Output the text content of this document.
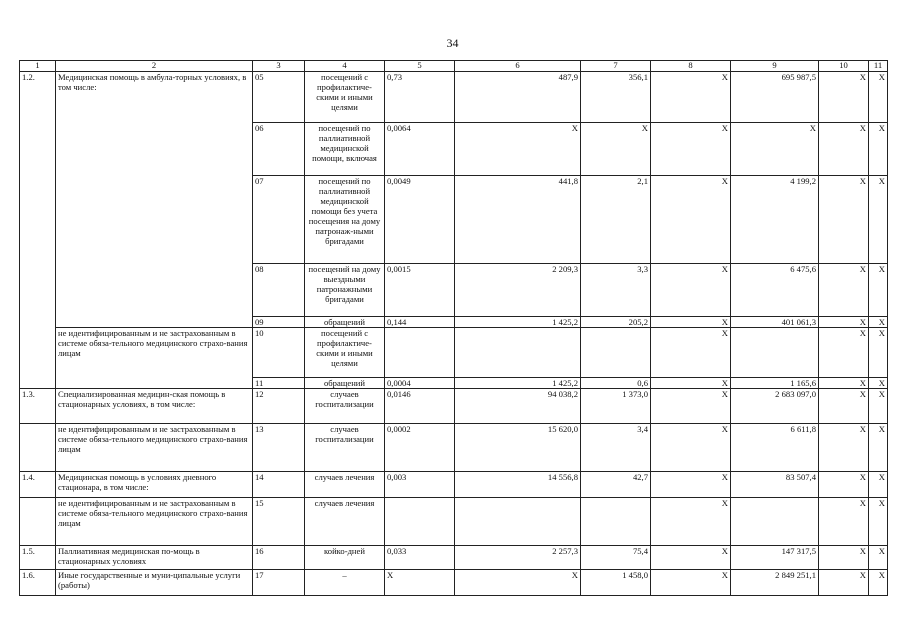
34
1	2	3	4	5	6	7	8	9	10	11
1.2.	Медицинская помощь в амбула-торных условиях, в том числе:	05	посещений с профилактиче-скими и иными целями	0,73	487,9	356,1	X	695 987,5	X	X
		06	посещений по паллиативной медицинской помощи, включая	0,0064	X	X	X	X	X	X
		07	посещений по паллиативной медицинской помощи без учета посещения на дому патронаж-ными бригадами	0,0049	441,8	2,1	X	4 199,2	X	X
		08	посещений на дому выездными патронажными бригадами	0,0015	2 209,3	3,3	X	6 475,6	X	X
		09	обращений	0,144	1 425,2	205,2	X	401 061,3	X	X
	не идентифицированным и не застрахованным в системе обяза-тельного медицинского страхо-вания лицам	10	посещений с профилактиче-скими и иными целями				X		X	X
		11	обращений	0,0004	1 425,2	0,6	X	1 165,6	X	X
1.3.	Специализированная медицин-ская помощь в стационарных условиях, в том числе:	12	случаев госпитализации	0,0146	94 038,2	1 373,0	X	2 683 097,0	X	X
	не идентифицированным и не застрахованным в системе обяза-тельного медицинского страхо-вания лицам	13	случаев госпитализации	0,0002	15 620,0	3,4	X	6 611,8	X	X
1.4.	Медицинская помощь в условиях дневного стационара, в том числе:	14	случаев лечения	0,003	14 556,8	42,7	X	83 507,4	X	X
	не идентифицированным и не застрахованным в системе обяза-тельного медицинского страхо-вания лицам	15	случаев лечения				X		X	X
1.5.	Паллиативная медицинская по-мощь в стационарных условиях	16	койко-дней	0,033	2 257,3	75,4	X	147 317,5	X	X
1.6.	Иные государственные и муни-ципальные услуги (работы)	17	–	X	X	1 458,0	X	2 849 251,1	X	X
